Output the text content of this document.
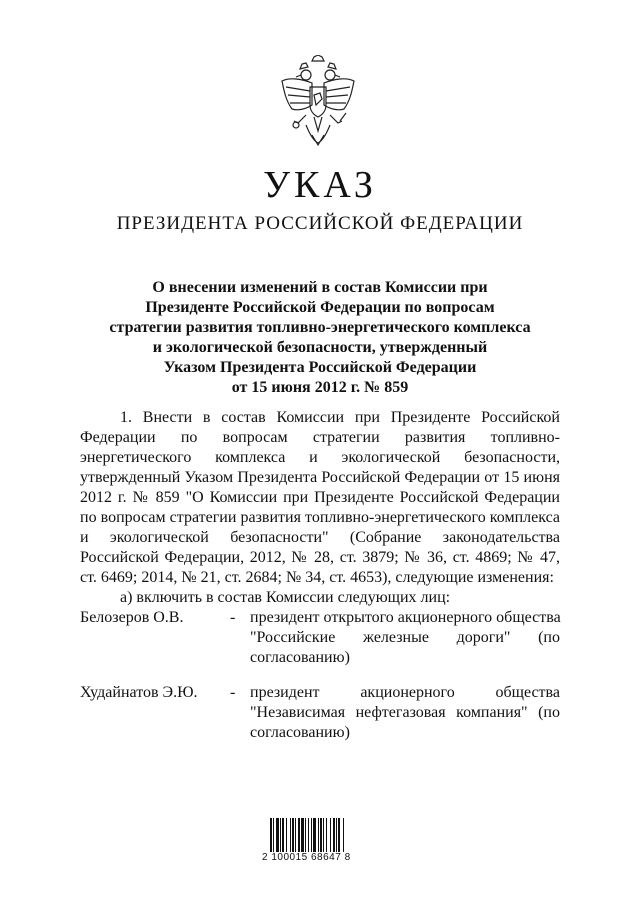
УКАЗ
ПРЕЗИДЕНТА РОССИЙСКОЙ ФЕДЕРАЦИИ
О внесении изменений в состав Комиссии при
Президенте Российской Федерации по вопросам
стратегии развития топливно-энергетического комплекса
и экологической безопасности, утвержденный
Указом Президента Российской Федерации
от 15 июня 2012 г. № 859
1. Внести в состав Комиссии при Президенте Российской
Федерации по вопросам стратегии развития топливно-
энергетического комплекса и экологической безопасности,
утвержденный Указом Президента Российской Федерации от 15 июня
2012 г. № 859 "О Комиссии при Президенте Российской Федерации
по вопросам стратегии развития топливно-энергетического комплекса
и экологической безопасности" (Собрание законодательства
Российской Федерации, 2012, № 28, ст. 3879; № 36, ст. 4869; № 47,
ст. 6469; 2014, № 21, ст. 2684; № 34, ст. 4653), следующие изменения:
а) включить в состав Комиссии следующих лиц:
Белозеров О.В.	- президент открытого акционерного общества
"Российские железные дороги" (по
согласованию)
Худайнатов Э.Ю. - президент акционерного общества
"Независимая нефтегазовая компания" (по
согласованию)
2 100015 68647 8
